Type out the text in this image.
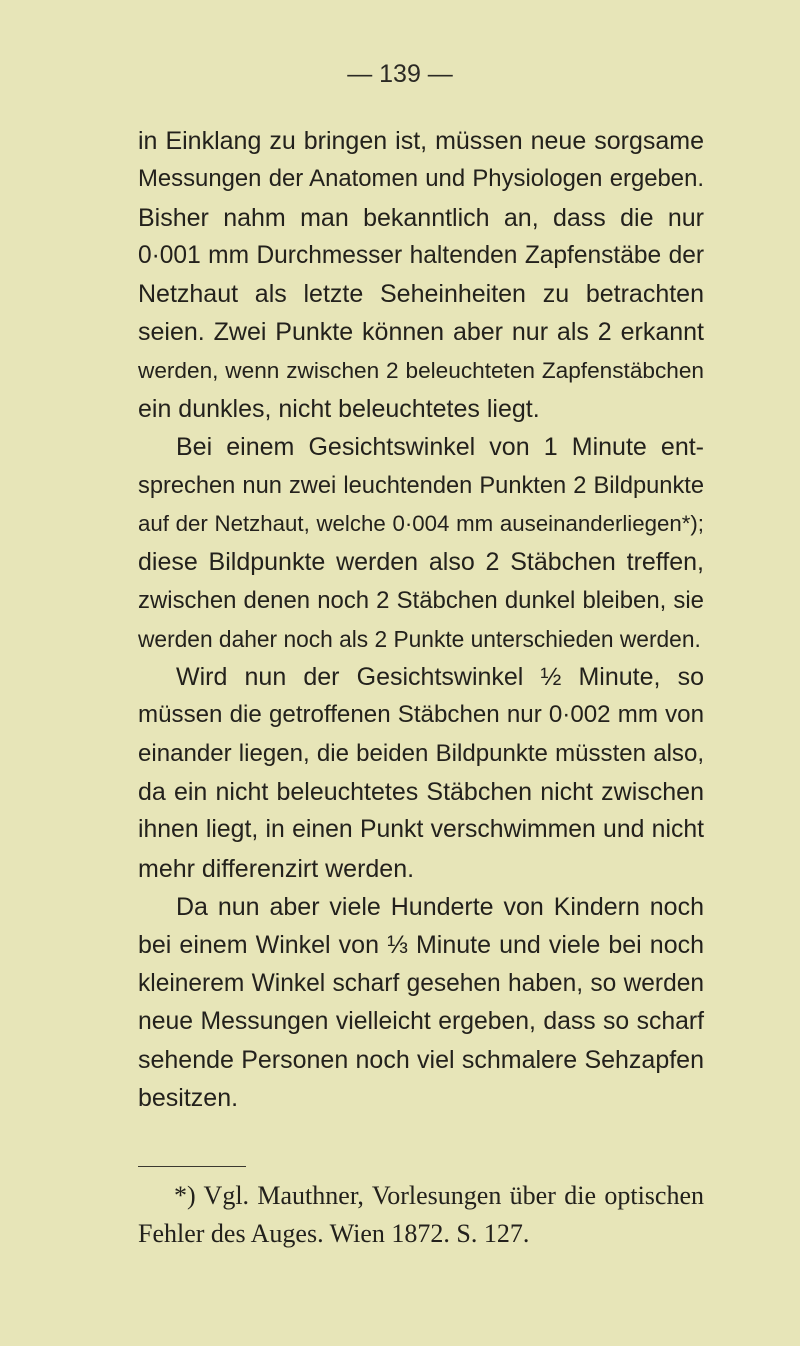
— 139 —
in Einklang zu bringen ist, müssen neue sorgsame
Messungen der Anatomen und Physiologen ergeben.
Bisher nahm man bekanntlich an, dass die nur
0·001 mm Durchmesser haltenden Zapfenstäbe der
Netzhaut als letzte Seheinheiten zu betrachten
seien. Zwei Punkte können aber nur als 2 erkannt
werden, wenn zwischen 2 beleuchteten Zapfenstäbchen
ein dunkles, nicht beleuchtetes liegt.
Bei einem Gesichtswinkel von 1 Minute ent-
sprechen nun zwei leuchtenden Punkten 2 Bildpunkte
auf der Netzhaut, welche 0·004 mm auseinanderliegen*);
diese Bildpunkte werden also 2 Stäbchen treffen,
zwischen denen noch 2 Stäbchen dunkel bleiben, sie
werden daher noch als 2 Punkte unterschieden werden.
Wird nun der Gesichtswinkel ½ Minute, so
müssen die getroffenen Stäbchen nur 0·002 mm von
einander liegen, die beiden Bildpunkte müssten also,
da ein nicht beleuchtetes Stäbchen nicht zwischen
ihnen liegt, in einen Punkt verschwimmen und nicht
mehr differenzirt werden.
Da nun aber viele Hunderte von Kindern noch
bei einem Winkel von ⅓ Minute und viele bei noch
kleinerem Winkel scharf gesehen haben, so werden
neue Messungen vielleicht ergeben, dass so scharf
sehende Personen noch viel schmalere Sehzapfen
besitzen.
*) Vgl. Mauthner, Vorlesungen über die optischen
Fehler des Auges. Wien 1872. S. 127.
